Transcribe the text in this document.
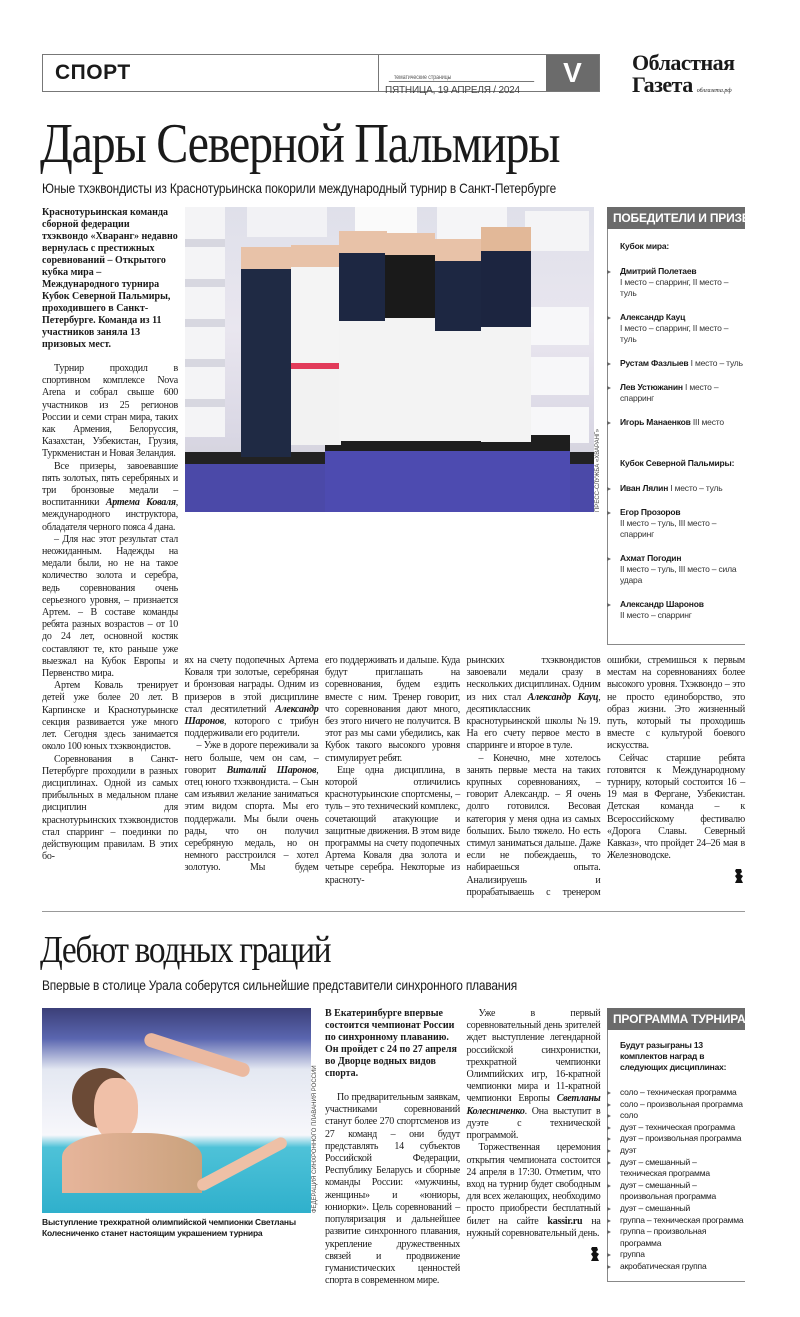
СПОРТ	тематические страницы
ПЯТНИЦА, 19 АПРЕЛЯ / 2024
V	Областная
Газета облгазета.рф
Дары Северной Пальмиры
Юные тхэквондисты из Краснотурьинска покорили международный турнир в Санкт-Петербурге
Краснотурьинская команда сборной федерации тхэквондо «Хваранг» недавно вернулась с престижных соревнований – Открытого кубка мира – Международного турнира Кубок Северной Пальмиры, проходившего в Санкт-Петербурге. Команда из 11 участников заняла 13 призовых мест.

Турнир проходил в спортивном комплексе Nova Arena и собрал свыше 600 участников из 25 регионов России и семи стран мира, таких как Армения, Белоруссия, Казахстан, Узбекистан, Грузия, Туркменистан и Новая Зеландия.

Все призеры, завоевавшие пять золотых, пять серебряных и три бронзовые медали – воспитанники Артема Коваля, международного инструктора, обладателя черного пояса 4 дана.

– Для нас этот результат стал неожиданным. Надежды на медали были, но не на такое количество золота и серебра, ведь соревнования очень серьезного уровня, – признается Артем. – В составе команды ребята разных возрастов – от 10 до 24 лет, основной костяк составляют те, кто раньше уже выезжал на Кубок Европы и Первенство мира.

Артем Коваль тренирует детей уже более 20 лет. В Карпинске и Краснотурьинске секция развивается уже много лет. Сегодня здесь занимается около 100 юных тхэквондистов.

Соревнования в Санкт-Петербурге проходили в разных дисциплинах. Одной из самых прибыльных в медальном плане дисциплин для краснотурьинских тхэквондистов стал спарринг – поединки по действующим правилам. В этих бо-

ПРЕСС-СЛУЖБА «ХВАРАНГ»
ПОБЕДИТЕЛИ И ПРИЗЕРЫ
Кубок мира:
Дмитрий Полетаев
I место – спарринг, II место – туль
Александр Кауц
I место – спарринг, II место – туль
Рустам Фазлыев I место – туль
Лев Устюжанин I место – спарринг
Игорь Манаенков III место
Кубок Северной Пальмиры:
Иван Лялин I место – туль
Егор Прозоров
II место – туль, III место – спарринг
Ахмат Погодин
II место – туль, III место – сила удара
Александр Шаронов
II место – спарринг

ях на счету подопечных Артема Коваля три золотые, серебряная и бронзовая награды. Одним из призеров в этой дисциплине стал десятилетний Александр Шаронов, которого с трибун поддерживали его родители.

– Уже в дороге переживали за него больше, чем он сам, – говорит Виталий Шаронов, отец юного тхэквондиста. – Сын сам изъявил желание заниматься этим видом спорта. Мы его поддержали. Мы были очень рады, что он получил серебряную медаль, но он немного расстроился – хотел золотую. Мы будем

его поддерживать и дальше. Куда будут приглашать на соревнования, будем ездить вместе с ним. Тренер говорит, что соревнования дают много, без этого ничего не получится. В этот раз мы сами убедились, как Кубок такого высокого уровня стимулирует ребят.

Еще одна дисциплина, в которой отличились краснотурьинские спортсмены, – туль – это технический комплекс, сочетающий атакующие и защитные движения. В этом виде программы на счету подопечных Артема Коваля два золота и четыре серебра. Некоторые из красноту-

рьинских тхэквондистов завоевали медали сразу в нескольких дисциплинах. Одним из них стал Александр Кауц, десятиклассник краснотурьинской школы №19. На его счету первое место в спарринге и второе в туле.

– Конечно, мне хотелось занять первые места на таких крупных соревнованиях, – говорит Александр. – Я очень долго готовился. Весовая категория у меня одна из самых больших. Было тяжело. Но есть стимул заниматься дальше. Даже если не побеждаешь, то набираешься опыта. Анализируешь и прорабатываешь с тренером

ошибки, стремишься к первым местам на соревнованиях более высокого уровня. Тхэквондо – это не просто единоборство, это образ жизни. Это жизненный путь, который ты проходишь вместе с культурой боевого искусства.

Сейчас старшие ребята готовятся к Международному турниру, который состоится 16 – 19 мая в Фергане, Узбекистан. Детская команда – к Всероссийскому фестивалю «Дорога Славы. Северный Кавказ», что пройдет 24–26 мая в Железноводске.

Дебют водных граций
Впервые в столице Урала соберутся сильнейшие представители синхронного плавания
ФЕДЕРАЦИЯ СИНХРОННОГО ПЛАВАНИЯ РОССИИ
Выступление трехкратной олимпийской чемпионки Светланы Колесниченко станет настоящим украшением турнира
В Екатеринбурге впервые состоится чемпионат России по синхронному плаванию. Он пройдет с 24 по 27 апреля во Дворце водных видов спорта.

По предварительным заявкам, участниками соревнований станут более 270 спортсменов из 27 команд – они будут представлять 14 субъектов Российской Федерации, Республику Беларусь и сборные команды России: «мужчины, женщины» и «юниоры, юниорки». Цель соревнований – популяризация и дальнейшее развитие синхронного плавания, укрепление дружественных связей и продвижение гуманистических ценностей спорта в современном мире.

Уже в первый соревновательный день зрителей ждет выступление легендарной российской синхронистки, трехкратной чемпионки Олимпийских игр, 16-кратной чемпионки мира и 11-кратной чемпионки Европы Светланы Колесниченко. Она выступит в дуэте с технической программой.

Торжественная церемония открытия чемпионата состоится 24 апреля в 17:30. Отметим, что вход на турнир будет свободным для всех желающих, необходимо просто приобрести бесплатный билет на сайте kassir.ru на нужный соревновательный день.

ПРОГРАММА ТУРНИРА
Будут разыграны 13 комплектов наград в следующих дисциплинах:
соло – техническая программа
соло – произвольная программа
соло
дуэт – техническая программа
дуэт – произвольная программа
дуэт
дуэт – смешанный – техническая программа
дуэт – смешанный – произвольная программа
дуэт – смешанный
группа – техническая программа
группа – произвольная программа
группа
акробатическая группа
